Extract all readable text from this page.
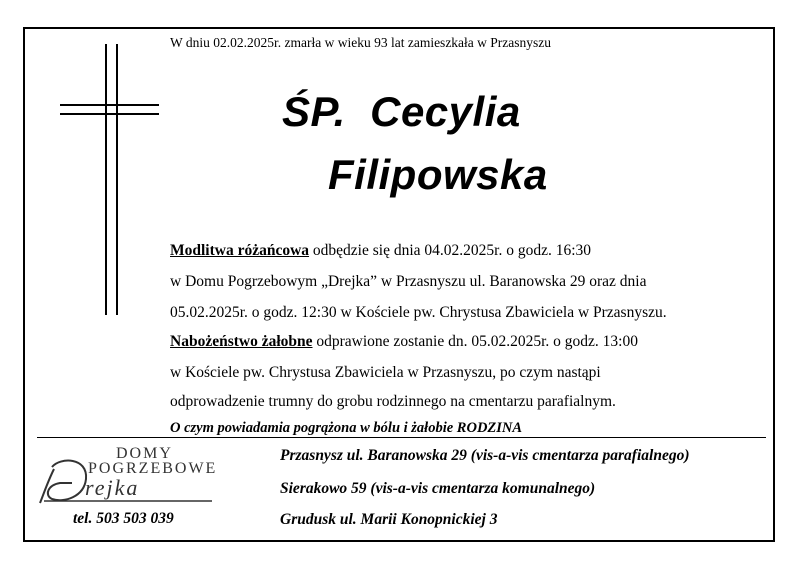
W dniu 02.02.2025r. zmarła w wieku 93 lat zamieszkała w Przasnyszu
ŚP.  Cecylia
Filipowska
Modlitwa różańcowa odbędzie się dnia 04.02.2025r. o godz. 16:30
w Domu Pogrzebowym „Drejka” w Przasnyszu ul. Baranowska 29 oraz dnia
05.02.2025r. o godz. 12:30 w Kościele pw. Chrystusa Zbawiciela w Przasnyszu.
Nabożeństwo żałobne odprawione zostanie dn. 05.02.2025r. o godz. 13:00
w Kościele pw. Chrystusa Zbawiciela w Przasnyszu, po czym nastąpi
odprowadzenie trumny do grobu rodzinnego na cmentarzu parafialnym.
O czym powiadamia pogrążona w bólu i żałobie RODZINA
DOMY
POGRZEBOWE
rejka
tel. 503 503 039
Przasnysz ul. Baranowska 29 (vis-a-vis cmentarza parafialnego)
Sierakowo 59 (vis-a-vis cmentarza komunalnego)
Grudusk ul. Marii Konopnickiej 3
